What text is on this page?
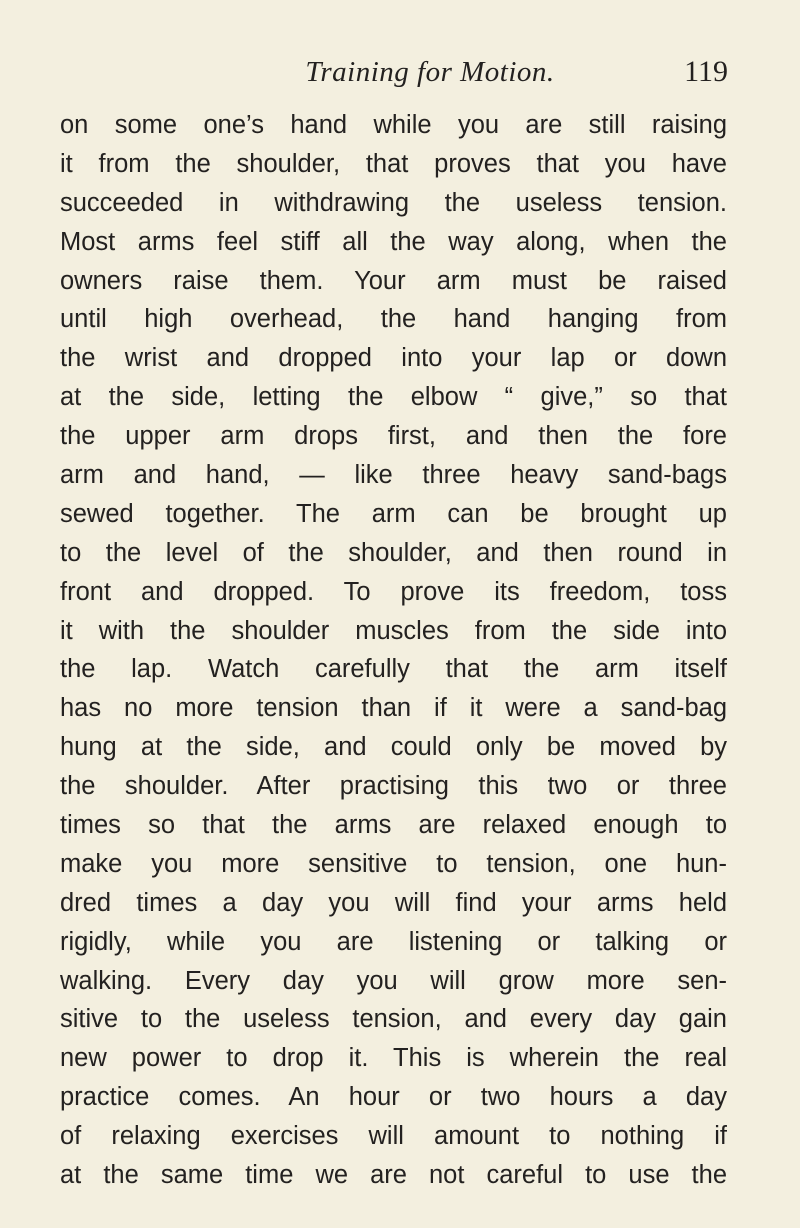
Training for Motion.	119
on some one’s hand while you are still raising
it from the shoulder, that proves that you have
succeeded in withdrawing the useless tension.
Most arms feel stiff all the way along, when the
owners raise them. Your arm must be raised
until high overhead, the hand hanging from
the wrist and dropped into your lap or down
at the side, letting the elbow “ give,” so that
the upper arm drops first, and then the fore
arm and hand, — like three heavy sand-bags
sewed together. The arm can be brought up
to the level of the shoulder, and then round in
front and dropped. To prove its freedom, toss
it with the shoulder muscles from the side into
the lap. Watch carefully that the arm itself
has no more tension than if it were a sand-bag
hung at the side, and could only be moved by
the shoulder. After practising this two or three
times so that the arms are relaxed enough to
make you more sensitive to tension, one hun-
dred times a day you will find your arms held
rigidly, while you are listening or talking or
walking. Every day you will grow more sen-
sitive to the useless tension, and every day gain
new power to drop it. This is wherein the real
practice comes. An hour or two hours a day
of relaxing exercises will amount to nothing if
at the same time we are not careful to use the
